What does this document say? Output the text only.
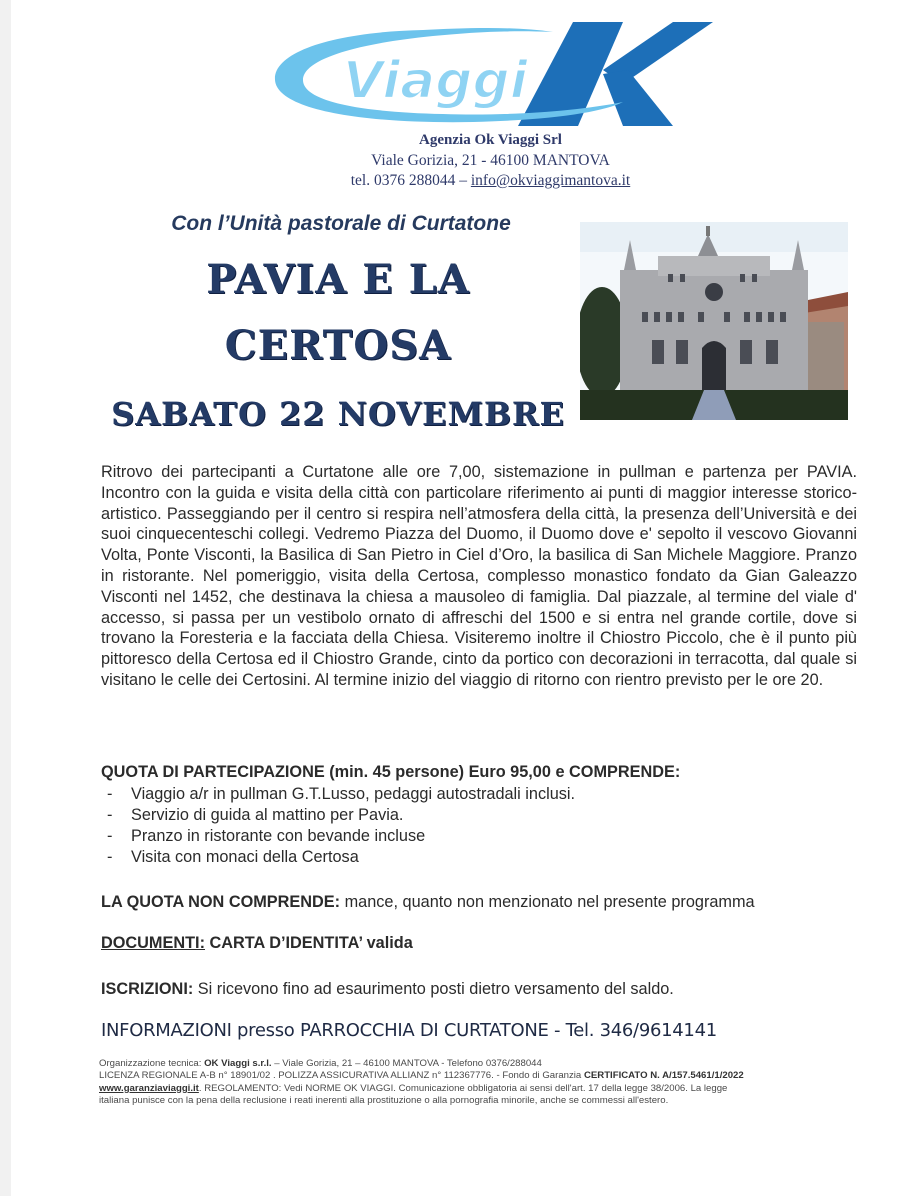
Viaggi
Agenzia Ok Viaggi Srl
Viale Gorizia, 21 - 46100 MANTOVA
tel. 0376 288044 – info@okviaggimantova.it
Con l’Unità pastorale di Curtatone
PAVIA E LA
CERTOSA
SABATO 22 NOVEMBRE
Ritrovo dei partecipanti a Curtatone alle ore 7,00, sistemazione in pullman e partenza per PAVIA. Incontro con la guida e visita della città con particolare riferimento ai punti di maggior interesse storico-artistico. Passeggiando per il centro si respira nell’atmosfera della città, la presenza dell’Università e dei suoi cinquecenteschi collegi. Vedremo Piazza del Duomo, il Duomo dove e' sepolto il vescovo Giovanni Volta, Ponte Visconti, la Basilica di San Pietro in Ciel d’Oro, la basilica di San Michele Maggiore. Pranzo in ristorante. Nel pomeriggio, visita della Certosa, complesso monastico fondato da Gian Galeazzo Visconti nel 1452, che destinava la chiesa a mausoleo di famiglia. Dal piazzale, al termine del viale d' accesso, si passa per un vestibolo ornato di affreschi del 1500 e si entra nel grande cortile, dove si trovano la Foresteria e la facciata della Chiesa. Visiteremo inoltre il Chiostro Piccolo, che è il punto più pittoresco della Certosa ed il Chiostro Grande, cinto da portico con decorazioni in terracotta, dal quale si visitano le celle dei Certosini. Al termine inizio del viaggio di ritorno con rientro previsto per le ore 20.
QUOTA DI PARTECIPAZIONE (min. 45 persone) Euro 95,00 e COMPRENDE:
- Viaggio a/r in pullman G.T.Lusso, pedaggi autostradali inclusi.
- Servizio di guida al mattino per Pavia.
- Pranzo in ristorante con bevande incluse
- Visita con monaci della Certosa
LA QUOTA NON COMPRENDE: mance, quanto non menzionato nel presente programma
DOCUMENTI: CARTA D’IDENTITA’ valida
ISCRIZIONI: Si ricevono fino ad esaurimento posti dietro versamento del saldo.
INFORMAZIONI presso PARROCCHIA DI CURTATONE - Tel. 346/9614141
Organizzazione tecnica: OK Viaggi s.r.l. – Viale Gorizia, 21 – 46100 MANTOVA - Telefono 0376/288044
LICENZA REGIONALE A-B n° 18901/02 . POLIZZA ASSICURATIVA ALLIANZ n° 112367776. - Fondo di Garanzia CERTIFICATO N. A/157.5461/1/2022
www.garanziaviaggi.it. REGOLAMENTO: Vedi NORME OK VIAGGI. Comunicazione obbligatoria ai sensi dell'art. 17 della legge 38/2006. La legge
italiana punisce con la pena della reclusione i reati inerenti alla prostituzione o alla pornografia minorile, anche se commessi all'estero.
